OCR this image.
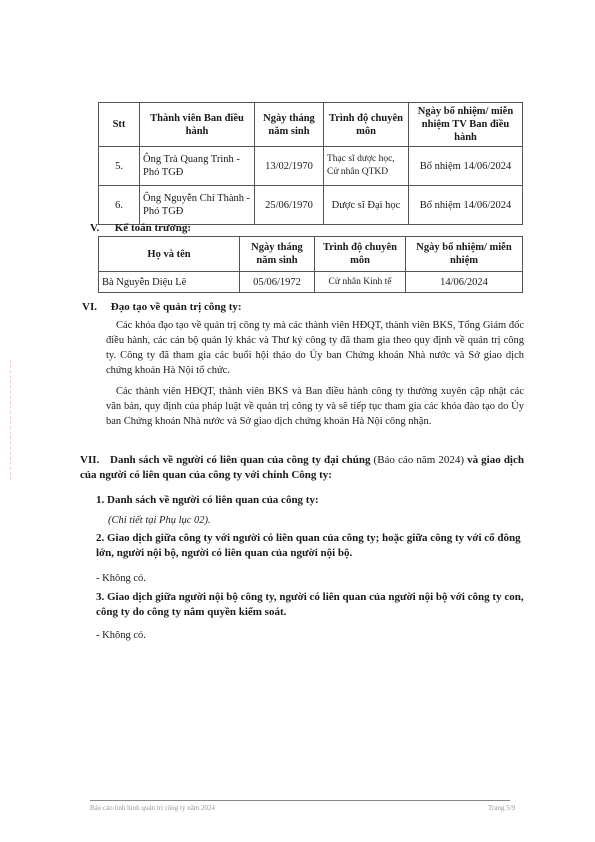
Stt	Thành viên Ban điều hành	Ngày tháng năm sinh	Trình độ chuyên môn	Ngày bổ nhiệm/ miễn nhiệm TV Ban điều hành
5.	Ông Trà Quang Trình - Phó TGĐ	13/02/1970	Thạc sĩ dược học, Cử nhân QTKD	Bổ nhiệm 14/06/2024
6.	Ông Nguyễn Chí Thành - Phó TGĐ	25/06/1970	Dược sĩ Đại học	Bổ nhiệm 14/06/2024
V. Kế toán trưởng:
Họ và tên	Ngày tháng năm sinh	Trình độ chuyên môn	Ngày bổ nhiệm/ miễn nhiệm
Bà Nguyễn Diệu Lê	05/06/1972	Cử nhân Kinh tế	14/06/2024
VI. Đạo tạo về quản trị công ty:
Các khóa đạo tạo về quản trị công ty mà các thành viên HĐQT, thành viên BKS, Tổng Giám đốc điều hành, các cán bộ quản lý khác và Thư ký công ty đã tham gia theo quy định về quản trị công ty. Công ty đã tham gia các buổi hội thảo do Ủy ban Chứng khoán Nhà nước và Sở giao dịch chứng khoán Hà Nội tổ chức.
Các thành viên HĐQT, thành viên BKS và Ban điều hành công ty thường xuyên cập nhật các văn bản, quy định của pháp luật về quản trị công ty và sẽ tiếp tục tham gia các khóa đào tạo do Ủy ban Chứng khoán Nhà nước và Sở giao dịch chứng khoán Hà Nội công nhận.
VII. Danh sách về người có liên quan của công ty đại chúng (Báo cáo năm 2024) và giao dịch của người có liên quan của công ty với chính Công ty:
1. Danh sách về người có liên quan của công ty:
(Chi tiết tại Phụ lục 02).
2. Giao dịch giữa công ty với người có liên quan của công ty; hoặc giữa công ty với cổ đông lớn, người nội bộ, người có liên quan của người nội bộ.
- Không có.
3. Giao dịch giữa người nội bộ công ty, người có liên quan của người nội bộ với công ty con, công ty do công ty nắm quyền kiểm soát.
- Không có.
Báo cáo tình hình quản trị công ty năm 2024	Trang 5/9
